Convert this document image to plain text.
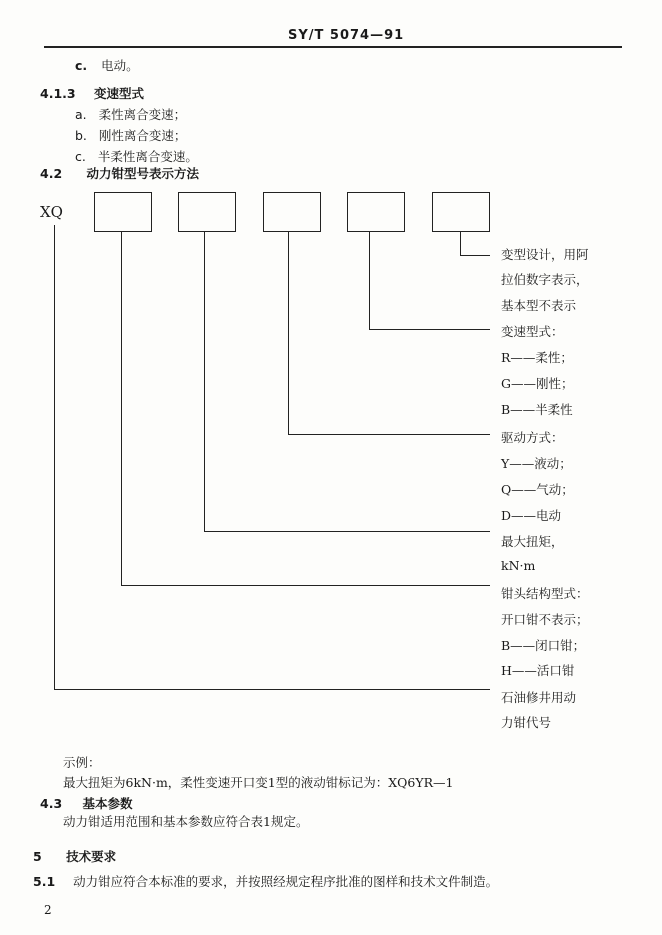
SY/T 5074—91
c. 电动。
4.1.3 变速型式
a. 柔性离合变速；
b. 刚性离合变速；
c. 半柔性离合变速。
4.2 动力钳型号表示方法
XQ
变型设计，用阿
拉伯数字表示，
基本型不表示
变速型式：
R——柔性；
G——刚性；
B——半柔性
驱动方式：
Y——液动；
Q——气动；
D——电动
最大扭矩，
kN·m
钳头结构型式：
开口钳不表示；
B——闭口钳；
H——活口钳
石油修井用动
力钳代号
示例：
最大扭矩为6kN·m，柔性变速开口变1型的液动钳标记为：XQ6YR—1
4.3 基本参数
动力钳适用范围和基本参数应符合表1规定。
5 技术要求
5.1 动力钳应符合本标准的要求，并按照经规定程序批准的图样和技术文件制造。
2
